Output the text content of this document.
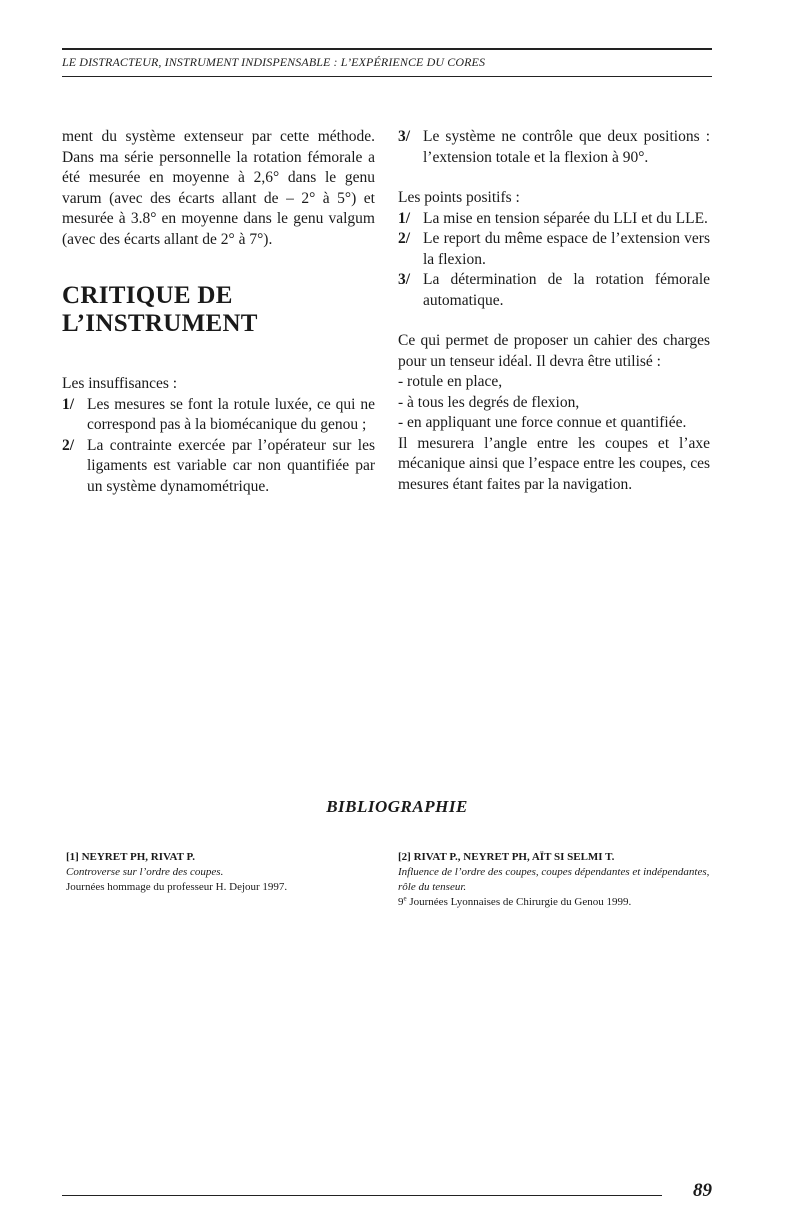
LE DISTRACTEUR, INSTRUMENT INDISPENSABLE : L’EXPÉRIENCE DU CORES

ment du système extenseur par cette méthode. Dans ma série personnelle la rotation fémorale a été mesurée en moyenne à 2,6° dans le genu varum (avec des écarts allant de – 2° à 5°) et mesurée à 3.8° en moyenne dans le genu valgum (avec des écarts allant de 2° à 7°).

CRITIQUE DE
L’INSTRUMENT

Les insuffisances :

1/ Les mesures se font la rotule luxée, ce qui ne correspond pas à la biomécanique du genou ;
2/ La contrainte exercée par l’opérateur sur les ligaments est variable car non quantifiée par un système dynamométrique.
3/ Le système ne contrôle que deux positions : l’extension totale et la flexion à 90°.

Les points positifs :

1/ La mise en tension séparée du LLI et du LLE.
2/ Le report du même espace de l’extension vers la flexion.
3/ La détermination de la rotation fémorale automatique.

Ce qui permet de proposer un cahier des charges pour un tenseur idéal. Il devra être utilisé :

- rotule en place,

- à tous les degrés de flexion,

- en appliquant une force connue et quantifiée.

Il mesurera l’angle entre les coupes et l’axe mécanique ainsi que l’espace entre les coupes, ces mesures étant faites par la navigation.

BIBLIOGRAPHIE
[1] NEYRET PH, RIVAT P.
Controverse sur l’ordre des coupes.
Journées hommage du professeur H. Dejour 1997.
[2] RIVAT P., NEYRET PH, AÏT SI SELMI T.
Influence de l’ordre des coupes, coupes dépendantes et indépendantes, rôle du tenseur.
9e Journées Lyonnaises de Chirurgie du Genou 1999.
89
